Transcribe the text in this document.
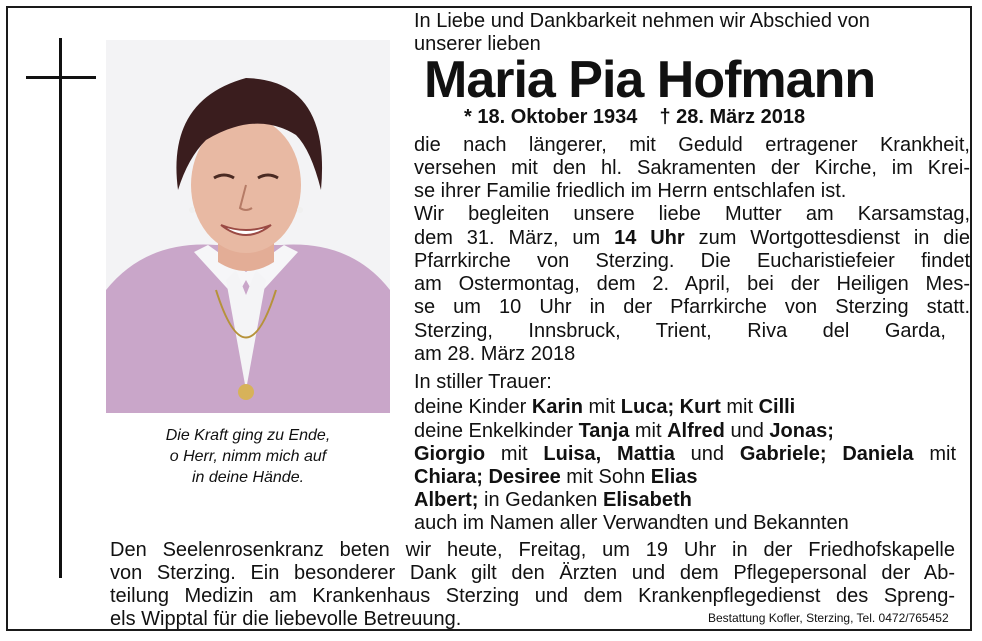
Die Kraft ging zu Ende,
o Herr, nimm mich auf
in deine Hände.
In Liebe und Dankbarkeit nehmen wir Abschied von
unserer lieben
Maria Pia Hofmann
* 18. Oktober 1934 † 28. März 2018
die nach längerer, mit Geduld ertragener Krankheit,
versehen mit den hl. Sakramenten der Kirche, im Krei-
se ihrer Familie friedlich im Herrn entschlafen ist.
Wir begleiten unsere liebe Mutter am Karsamstag,
dem 31. März, um 14 Uhr zum Wortgottesdienst in die
Pfarrkirche von Sterzing. Die Eucharistiefeier findet
am Ostermontag, dem 2. April, bei der Heiligen Mes-
se um 10 Uhr in der Pfarrkirche von Sterzing statt.
Sterzing, Innsbruck, Trient, Riva del Garda,
am 28. März 2018
In stiller Trauer:
deine Kinder Karin mit Luca; Kurt mit Cilli
deine Enkelkinder Tanja mit Alfred und Jonas;
Giorgio mit Luisa, Mattia und Gabriele; Daniela mit
Chiara; Desiree mit Sohn Elias
Albert; in Gedanken Elisabeth
auch im Namen aller Verwandten und Bekannten
Den Seelenrosenkranz beten wir heute, Freitag, um 19 Uhr in der Friedhofskapelle
von Sterzing. Ein besonderer Dank gilt den Ärzten und dem Pflegepersonal der Ab-
teilung Medizin am Krankenhaus Sterzing und dem Krankenpflegedienst des Spreng-
els Wipptal für die liebevolle Betreuung.	Bestattung Kofler, Sterzing, Tel. 0472/765452
